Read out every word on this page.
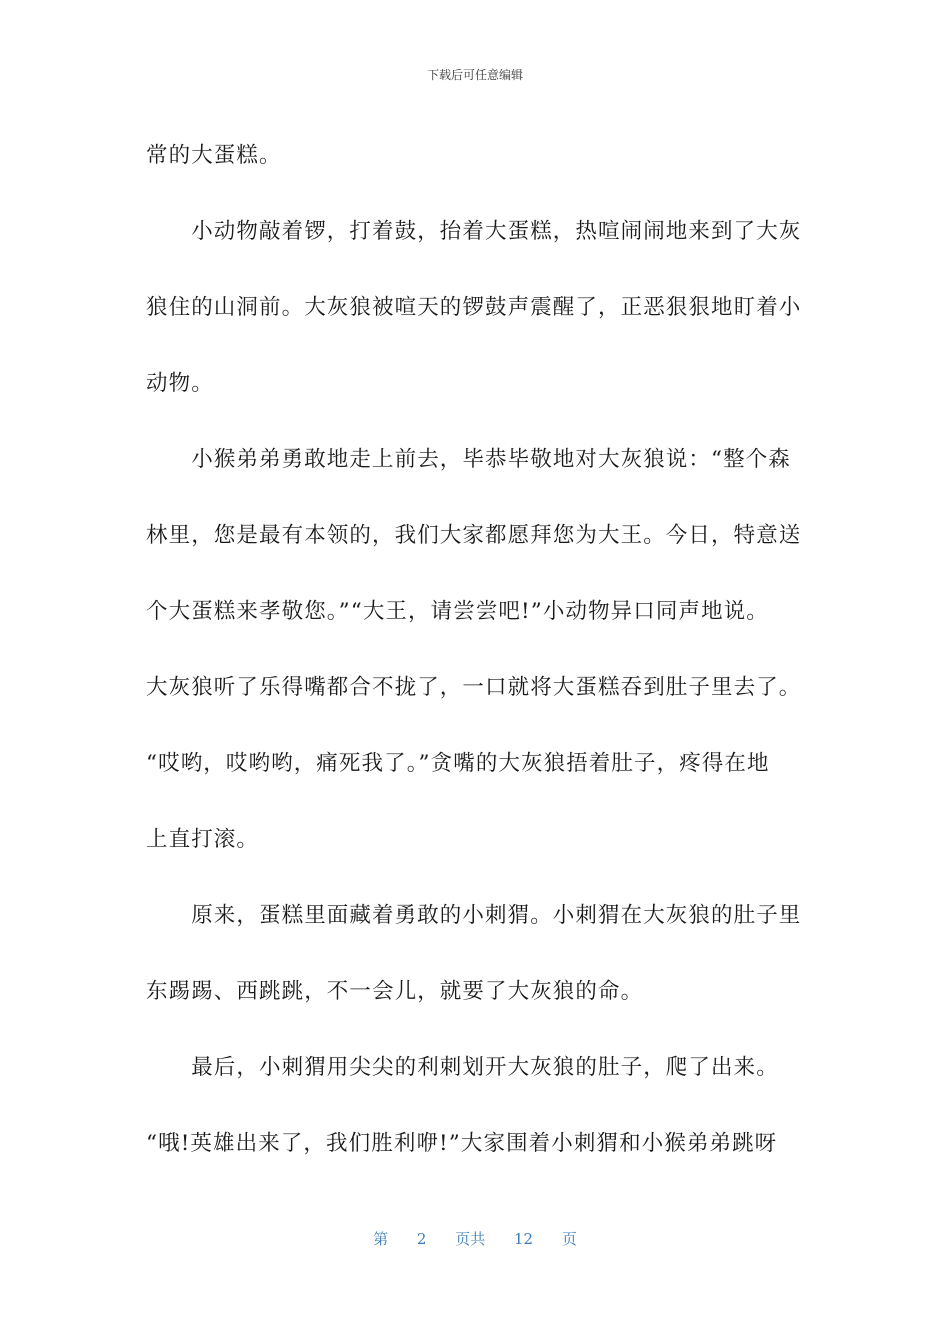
下载后可任意编辑
常的大蛋糕。
　　小动物敲着锣，打着鼓，抬着大蛋糕，热喧闹闹地来到了大灰
狼住的山洞前。大灰狼被喧天的锣鼓声震醒了，正恶狠狠地盯着小
动物。
　　小猴弟弟勇敢地走上前去，毕恭毕敬地对大灰狼说：“整个森
林里，您是最有本领的，我们大家都愿拜您为大王。今日，特意送
个大蛋糕来孝敬您。”“大王，请尝尝吧!”小动物异口同声地说。
大灰狼听了乐得嘴都合不拢了，一口就将大蛋糕吞到肚子里去了。
“哎哟，哎哟哟，痛死我了。”贪嘴的大灰狼捂着肚子，疼得在地
上直打滚。
　　原来，蛋糕里面藏着勇敢的小刺猬。小刺猬在大灰狼的肚子里
东踢踢、西跳跳，不一会儿，就要了大灰狼的命。
　　最后，小刺猬用尖尖的利刺划开大灰狼的肚子，爬了出来。
“哦!英雄出来了，我们胜利咿!”大家围着小刺猬和小猴弟弟跳呀
第 2 页共 12 页
